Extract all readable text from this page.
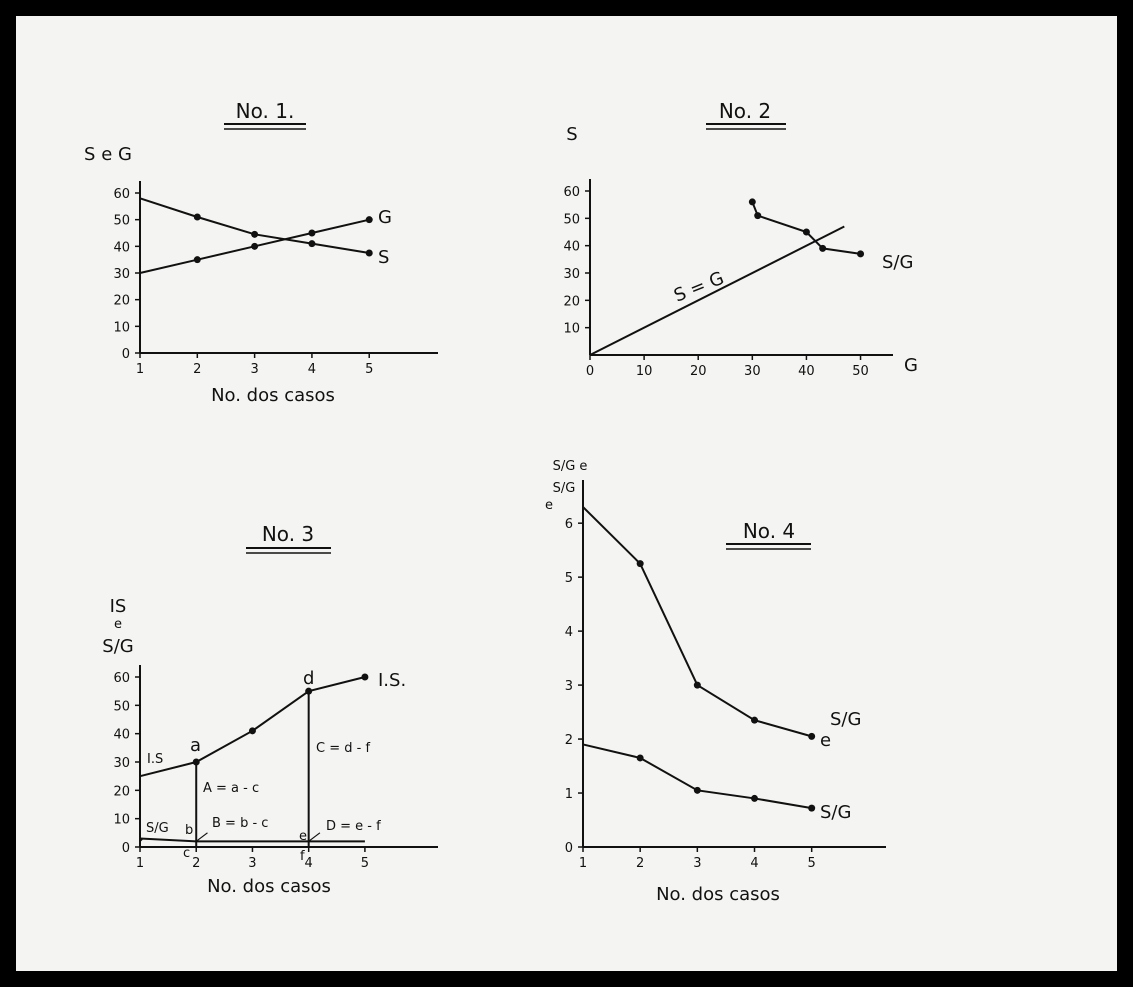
No. 1.
S e G
No. dos casos
1	2	3	4	5
0
10
20
30
40
50
60
G
S
No. 2
S
G
0	10	20	30	40	50
10
20
30
40
50
60
S = G
S/G
No. 3
IS
e
S/G
No. dos casos
1	2	3	4	5
0
10
20
30
40
50
60
I.S
I.S.
S/G
a
b
c
d
e
f
A = a - c
B = b - c
C = d - f
D = e - f
No. 4
S/G e
S/G
e
No. dos casos
1	2	3	4	5
0
1
2
3
4
5
6
S/G
e
S/G
